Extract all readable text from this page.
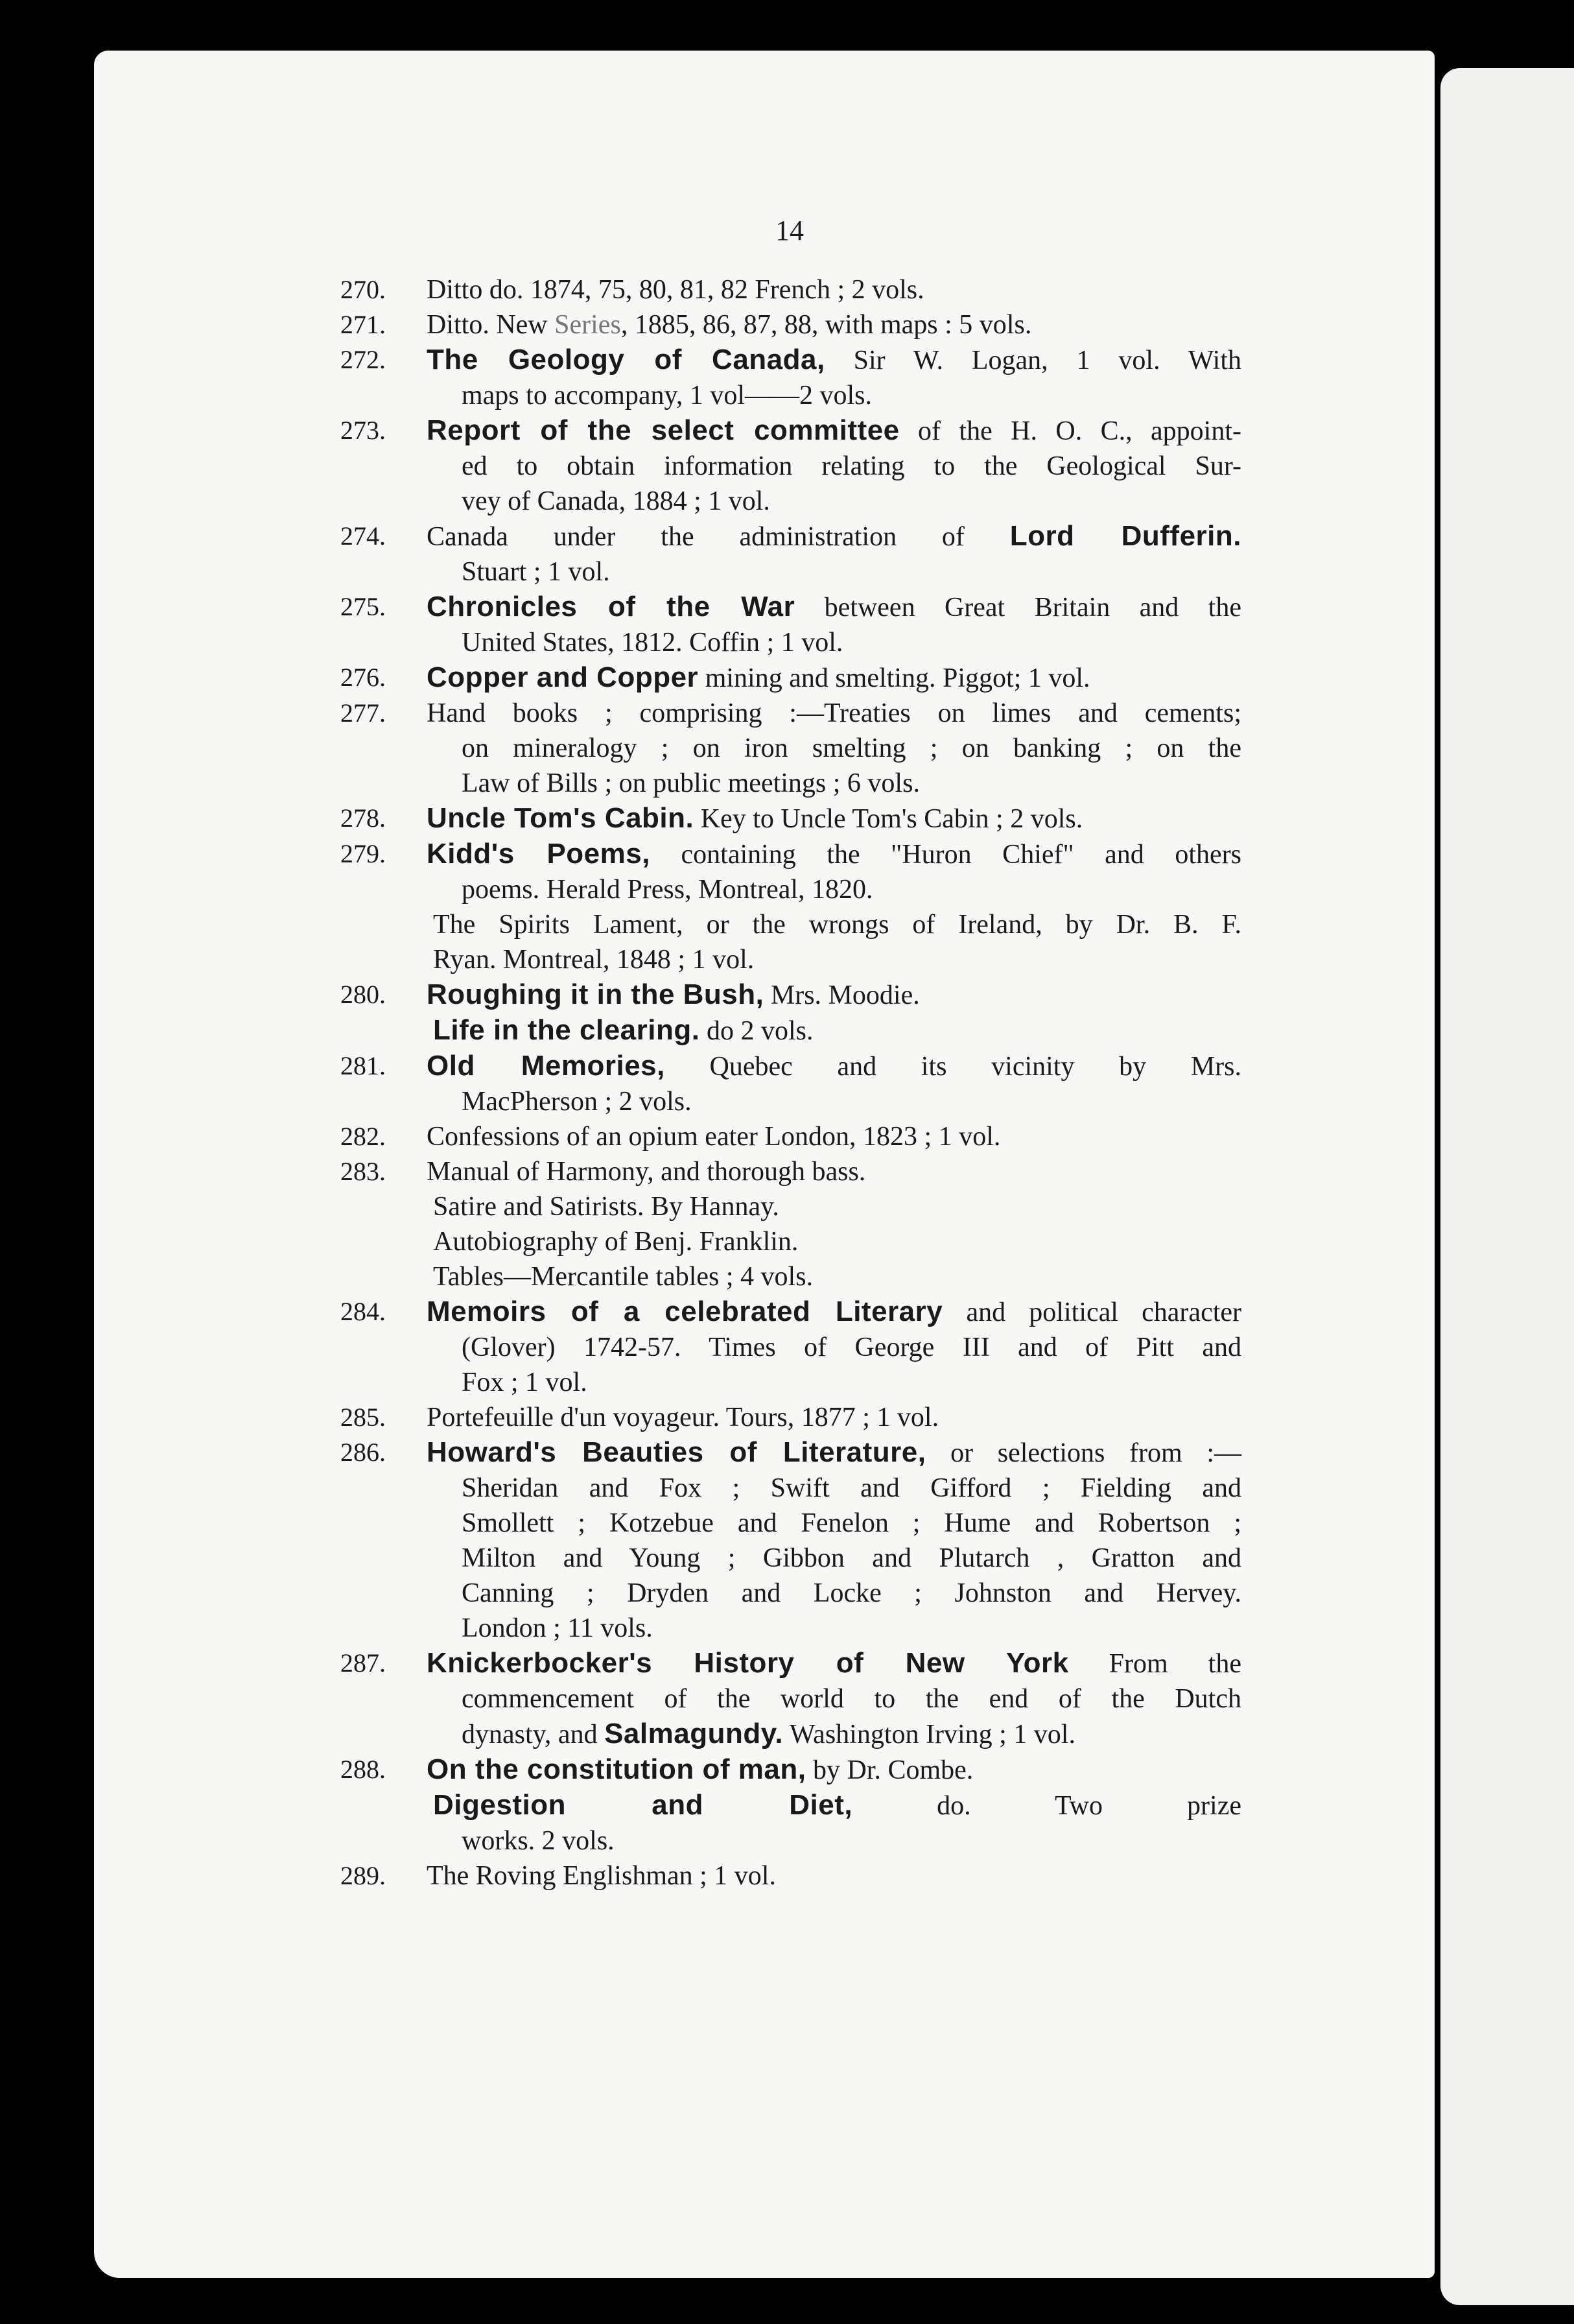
14
270.	Ditto do. 1874, 75, 80, 81, 82 French ; 2 vols.
271.	Ditto. New Series, 1885, 86, 87, 88, with maps : 5 vols.
272.	The Geology of Canada, Sir W. Logan, 1 vol. With
maps to accompany, 1 vol——2 vols.
273.	Report of the select committee of the H. O. C., appoint-
ed to obtain information relating to the Geological Sur-
vey of Canada, 1884 ; 1 vol.
274.	Canada under the administration of Lord Dufferin.
Stuart ; 1 vol.
275.	Chronicles of the War between Great Britain and the
United States, 1812. Coffin ; 1 vol.
276.	Copper and Copper mining and smelting. Piggot; 1 vol.
277.	Hand books ; comprising :—Treaties on limes and cements;
on mineralogy ; on iron smelting ; on banking ; on the
Law of Bills ; on public meetings ; 6 vols.
278.	Uncle Tom's Cabin. Key to Uncle Tom's Cabin ; 2 vols.
279.	Kidd's Poems, containing the "Huron Chief" and others
poems. Herald Press, Montreal, 1820.
The Spirits Lament, or the wrongs of Ireland, by Dr. B. F.
Ryan. Montreal, 1848 ; 1 vol.
280.	Roughing it in the Bush, Mrs. Moodie.
Life in the clearing. do 2 vols.
281.	Old Memories, Quebec and its vicinity by Mrs.
MacPherson ; 2 vols.
282.	Confessions of an opium eater London, 1823 ; 1 vol.
283.	Manual of Harmony, and thorough bass.
Satire and Satirists. By Hannay.
Autobiography of Benj. Franklin.
Tables—Mercantile tables ; 4 vols.
284.	Memoirs of a celebrated Literary and political character
(Glover) 1742-57. Times of George III and of Pitt and
Fox ; 1 vol.
285.	Portefeuille d'un voyageur. Tours, 1877 ; 1 vol.
286.	Howard's Beauties of Literature, or selections from :—
Sheridan and Fox ; Swift and Gifford ; Fielding and
Smollett ; Kotzebue and Fenelon ; Hume and Robertson ;
Milton and Young ; Gibbon and Plutarch , Gratton and
Canning ; Dryden and Locke ; Johnston and Hervey.
London ; 11 vols.
287.	Knickerbocker's History of New York From the
commencement of the world to the end of the Dutch
dynasty, and Salmagundy. Washington Irving ; 1 vol.
288.	On the constitution of man, by Dr. Combe.
Digestion and Diet, do. Two prize
works. 2 vols.
289.	The Roving Englishman ; 1 vol.
